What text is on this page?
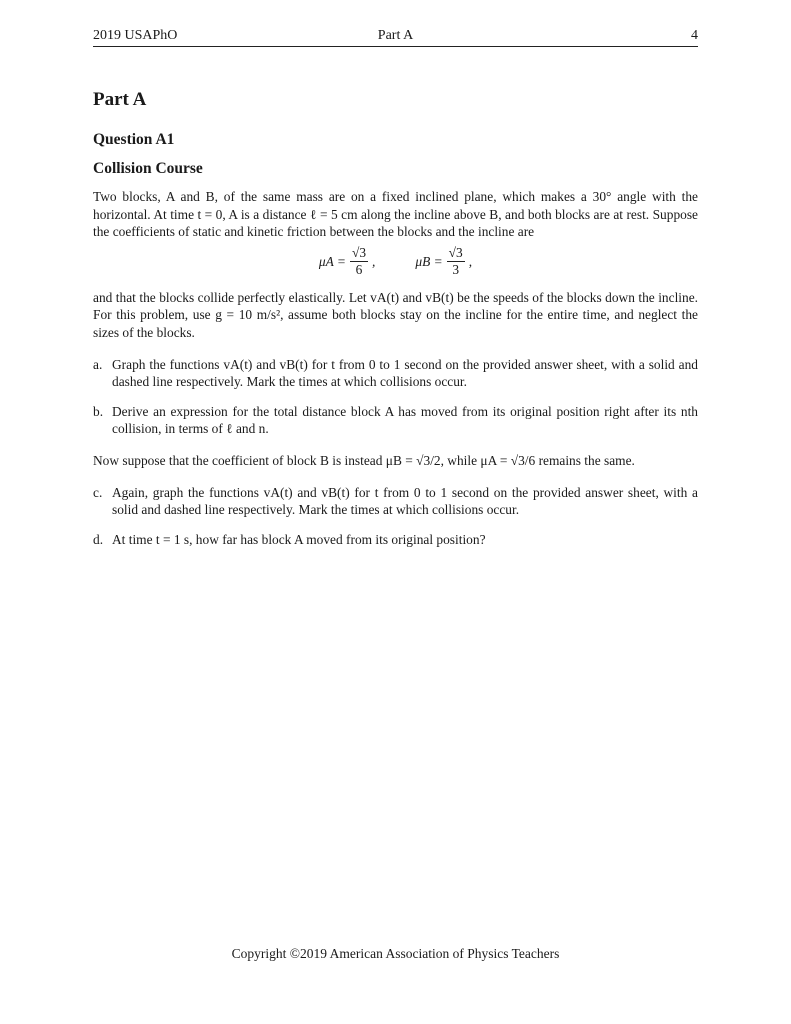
2019 USAPhO	Part A	4
Part A
Question A1
Collision Course

Two blocks, A and B, of the same mass are on a fixed inclined plane, which makes a 30° angle with the horizontal. At time t = 0, A is a distance ℓ = 5 cm along the incline above B, and both blocks are at rest. Suppose the coefficients of static and kinetic friction between the blocks and the incline are

$\mu A = \frac{√3}{6}$ ,	$\mu B = \frac{√3}{3}$ ,

and that the blocks collide perfectly elastically. Let vA(t) and vB(t) be the speeds of the blocks down the incline. For this problem, use g = 10 m/s², assume both blocks stay on the incline for the entire time, and neglect the sizes of the blocks.

a. Graph the functions vA(t) and vB(t) for t from 0 to 1 second on the provided answer sheet, with a solid and dashed line respectively. Mark the times at which collisions occur.
b. Derive an expression for the total distance block A has moved from its original position right after its nth collision, in terms of ℓ and n.

Now suppose that the coefficient of block B is instead μB = √3/2, while μA = √3/6 remains the same.

c. Again, graph the functions vA(t) and vB(t) for t from 0 to 1 second on the provided answer sheet, with a solid and dashed line respectively. Mark the times at which collisions occur.
d. At time t = 1 s, how far has block A moved from its original position?
Copyright ©2019 American Association of Physics Teachers
